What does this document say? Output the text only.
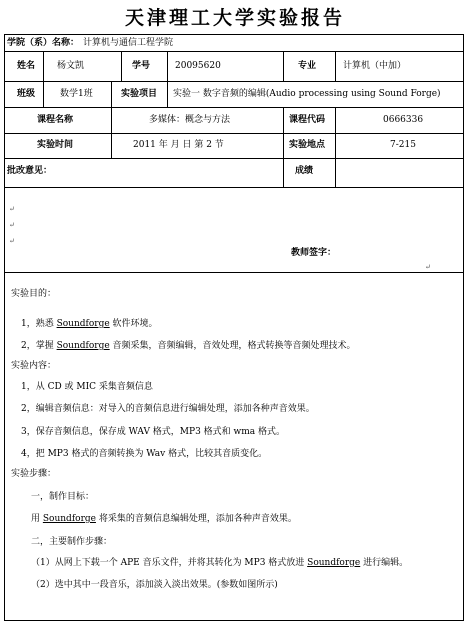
天津理工大学实验报告
学院（系）名称： 计算机与通信工程学院
姓名 杨文凯	学号	20095620	专业	计算机（中加）
班级	数学1班	实验项目 实验一 数字音频的编辑(Audio processing using Sound Forge)
课程名称	多媒体：概念与方法	课程代码	0666336
实验时间	2011 年 月 日 第 2 节	实验地点	7-215
批改意见：	成绩
↵
↵
↵
教师签字：
↵
实验目的：
1，熟悉 Soundforge 软件环境。
2，掌握 Soundforge 音频采集，音频编辑，音效处理，格式转换等音频处理技术。
实验内容：
1，从 CD 或 MIC 采集音频信息
2，编辑音频信息：对导入的音频信息进行编辑处理，添加各种声音效果。
3，保存音频信息，保存成 WAV 格式，MP3 格式和 wma 格式。
4，把 MP3 格式的音频转换为 Wav 格式，比较其音质变化。
实验步骤：
一，制作目标：
用 Soundforge 将采集的音频信息编辑处理，添加各种声音效果。
二，主要制作步骤：
（1）从网上下载一个 APE 音乐文件，并将其转化为 MP3 格式放进 Soundforge 进行编辑。
（2）选中其中一段音乐，添加淡入淡出效果。(参数如图所示)
